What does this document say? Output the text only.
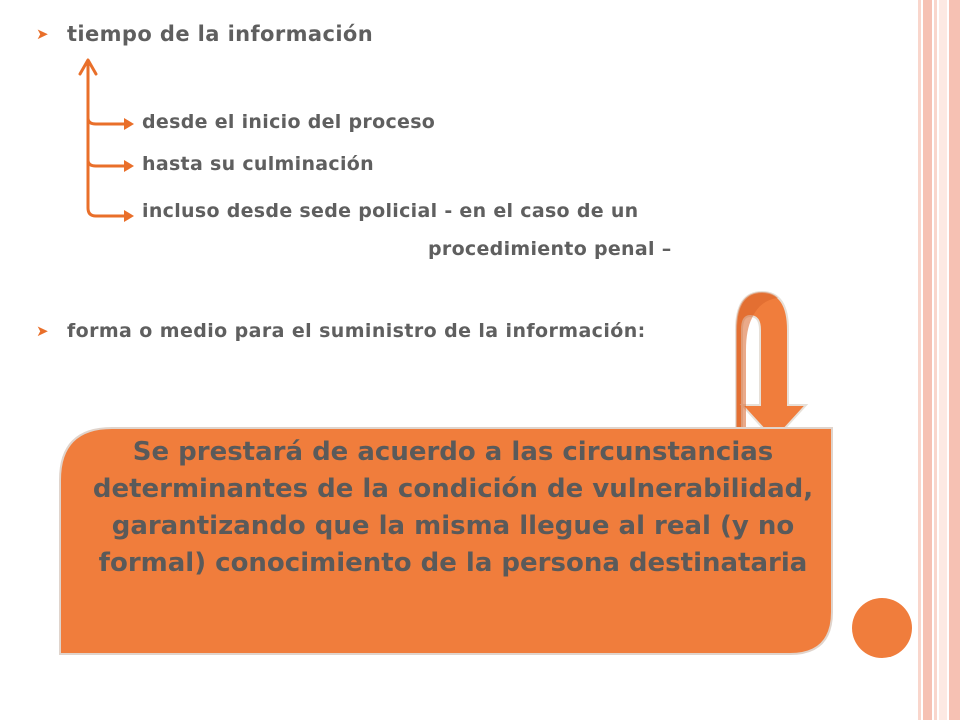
➤ tiempo de la información
desde el inicio del proceso
hasta su culminación
incluso desde sede policial - en el caso de un
procedimiento penal –
➤ forma o medio para el suministro de la información:
Se prestará de acuerdo a las circunstancias determinantes de la condición de vulnerabilidad, garantizando que la misma llegue al real (y no formal) conocimiento de la persona destinataria
